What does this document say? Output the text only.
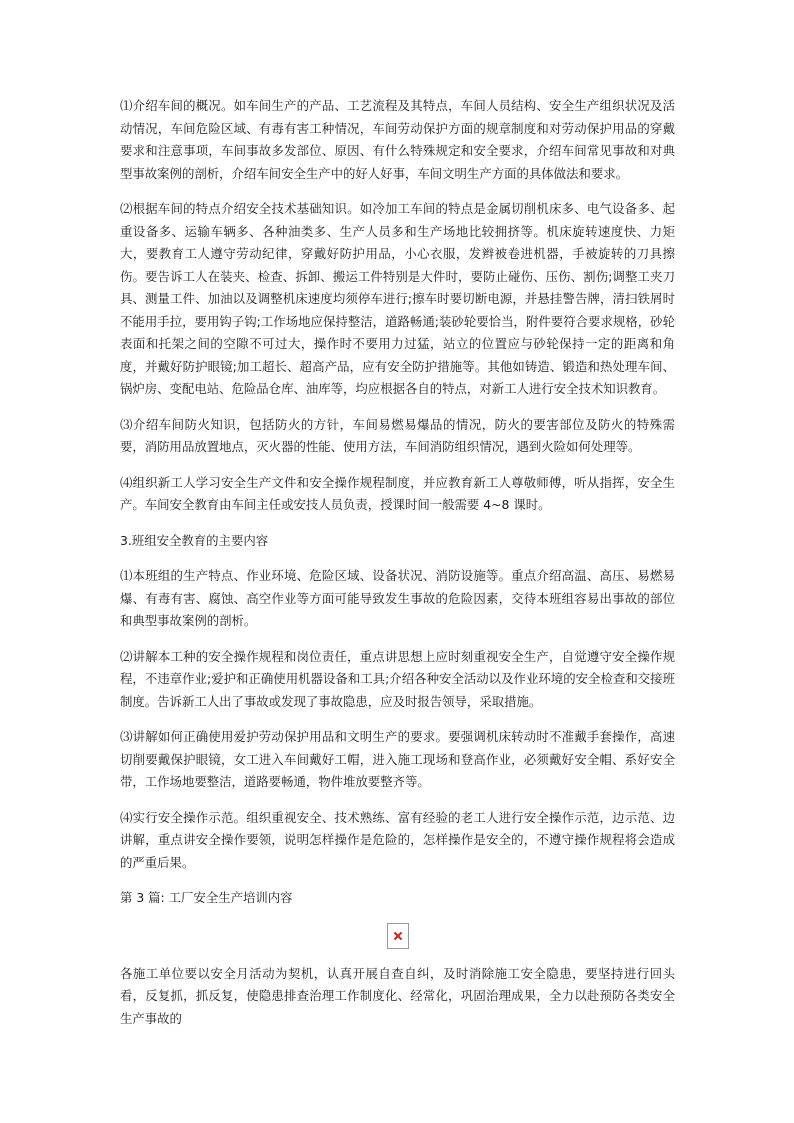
⑴介绍车间的概况。如车间生产的产品、工艺流程及其特点，车间人员结构、安全生产组织状况及活动情况，车间危险区域、有毒有害工种情况，车间劳动保护方面的规章制度和对劳动保护用品的穿戴要求和注意事项，车间事故多发部位、原因、有什么特殊规定和安全要求，介绍车间常见事故和对典型事故案例的剖析，介绍车间安全生产中的好人好事，车间文明生产方面的具体做法和要求。

⑵根据车间的特点介绍安全技术基础知识。如冷加工车间的特点是金属切削机床多、电气设备多、起重设备多、运输车辆多、各种油类多、生产人员多和生产场地比较拥挤等。机床旋转速度快、力矩大，要教育工人遵守劳动纪律，穿戴好防护用品，小心衣服，发辫被卷进机器，手被旋转的刀具擦伤。要告诉工人在装夹、检查、拆卸、搬运工件特别是大件时，要防止碰伤、压伤、割伤;调整工夹刀具、测量工件、加油以及调整机床速度均须停车进行;擦车时要切断电源，并悬挂警告牌，清扫铁屑时不能用手拉，要用钩子钩;工作场地应保持整洁，道路畅通;装砂轮要恰当，附件要符合要求规格，砂轮表面和托架之间的空隙不可过大，操作时不要用力过猛，站立的位置应与砂轮保持一定的距离和角度，并戴好防护眼镜;加工超长、超高产品，应有安全防护措施等。其他如铸造、锻造和热处理车间、锅炉房、变配电站、危险品仓库、油库等，均应根据各自的特点，对新工人进行安全技术知识教育。

⑶介绍车间防火知识，包括防火的方针，车间易燃易爆品的情况，防火的要害部位及防火的特殊需要，消防用品放置地点，灭火器的性能、使用方法，车间消防组织情况，遇到火险如何处理等。

⑷组织新工人学习安全生产文件和安全操作规程制度，并应教育新工人尊敬师傅，听从指挥，安全生产。车间安全教育由车间主任或安技人员负责，授课时间一般需要 4~8 课时。

3.班组安全教育的主要内容

⑴本班组的生产特点、作业环境、危险区域、设备状况、消防设施等。重点介绍高温、高压、易燃易爆、有毒有害、腐蚀、高空作业等方面可能导致发生事故的危险因素，交待本班组容易出事故的部位和典型事故案例的剖析。

⑵讲解本工种的安全操作规程和岗位责任，重点讲思想上应时刻重视安全生产，自觉遵守安全操作规程，不违章作业;爱护和正确使用机器设备和工具;介绍各种安全活动以及作业环境的安全检查和交接班制度。告诉新工人出了事故或发现了事故隐患，应及时报告领导，采取措施。

⑶讲解如何正确使用爱护劳动保护用品和文明生产的要求。要强调机床转动时不准戴手套操作，高速切削要戴保护眼镜，女工进入车间戴好工帽，进入施工现场和登高作业，必须戴好安全帽、系好安全带，工作场地要整洁，道路要畅通，物件堆放要整齐等。

⑷实行安全操作示范。组织重视安全、技术熟练、富有经验的老工人进行安全操作示范，边示范、边讲解，重点讲安全操作要领，说明怎样操作是危险的，怎样操作是安全的，不遵守操作规程将会造成的严重后果。

第 3 篇: 工厂安全生产培训内容

各施工单位要以安全月活动为契机，认真开展自查自纠，及时消除施工安全隐患，要坚持进行回头看，反复抓，抓反复，使隐患排查治理工作制度化、经常化，巩固治理成果，全力以赴预防各类安全生产事故的
